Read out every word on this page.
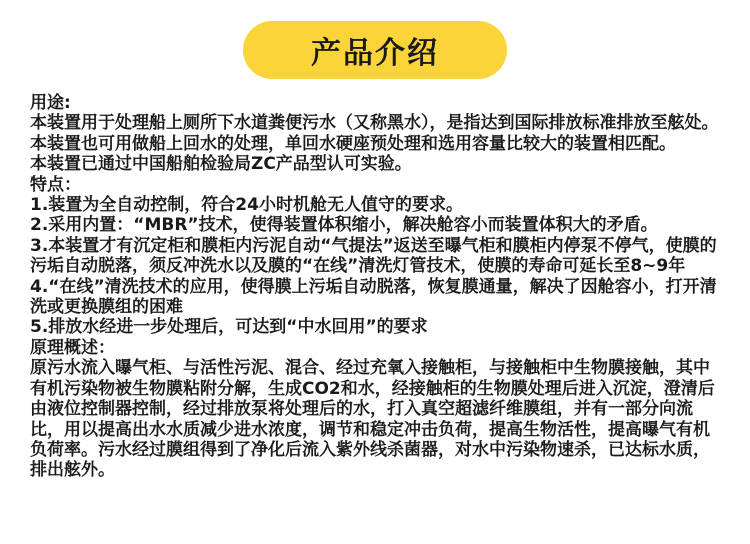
产品介绍

用途:

本装置用于处理船上厕所下水道粪便污水（又称黑水），是指达到国际排放标准排放至舷处。本装置也可用做船上回水的处理，单回水硬座预处理和选用容量比较大的装置相匹配。

本装置已通过中国船舶检验局ZC产品型认可实验。

特点：

1.装置为全自动控制，符合24小时机舱无人值守的要求。

2.采用内置：“MBR”技术，使得装置体积缩小，解决舱容小而装置体积大的矛盾。

3.本装置才有沉定柜和膜柜内污泥自动“气提法”返送至曝气柜和膜柜内停泵不停气，使膜的污垢自动脱落，须反冲洗水以及膜的“在线”清洗灯管技术，使膜的寿命可延长至8~9年

4.“在线”清洗技术的应用，使得膜上污垢自动脱落，恢复膜通量，解决了因舱容小，打开清洗或更换膜组的困难

5.排放水经进一步处理后，可达到“中水回用”的要求

原理概述：

原污水流入曝气柜、与活性污泥、混合、经过充氧入接触柜，与接触柜中生物膜接触，其中有机污染物被生物膜粘附分解，生成CO2和水，经接触柜的生物膜处理后进入沉淀，澄清后由液位控制器控制，经过排放泵将处理后的水，打入真空超滤纤维膜组，并有一部分向流比，用以提高出水水质减少进水浓度，调节和稳定冲击负荷，提高生物活性，提高曝气有机负荷率。污水经过膜组得到了净化后流入紫外线杀菌器，对水中污染物速杀，已达标水质，排出舷外。
